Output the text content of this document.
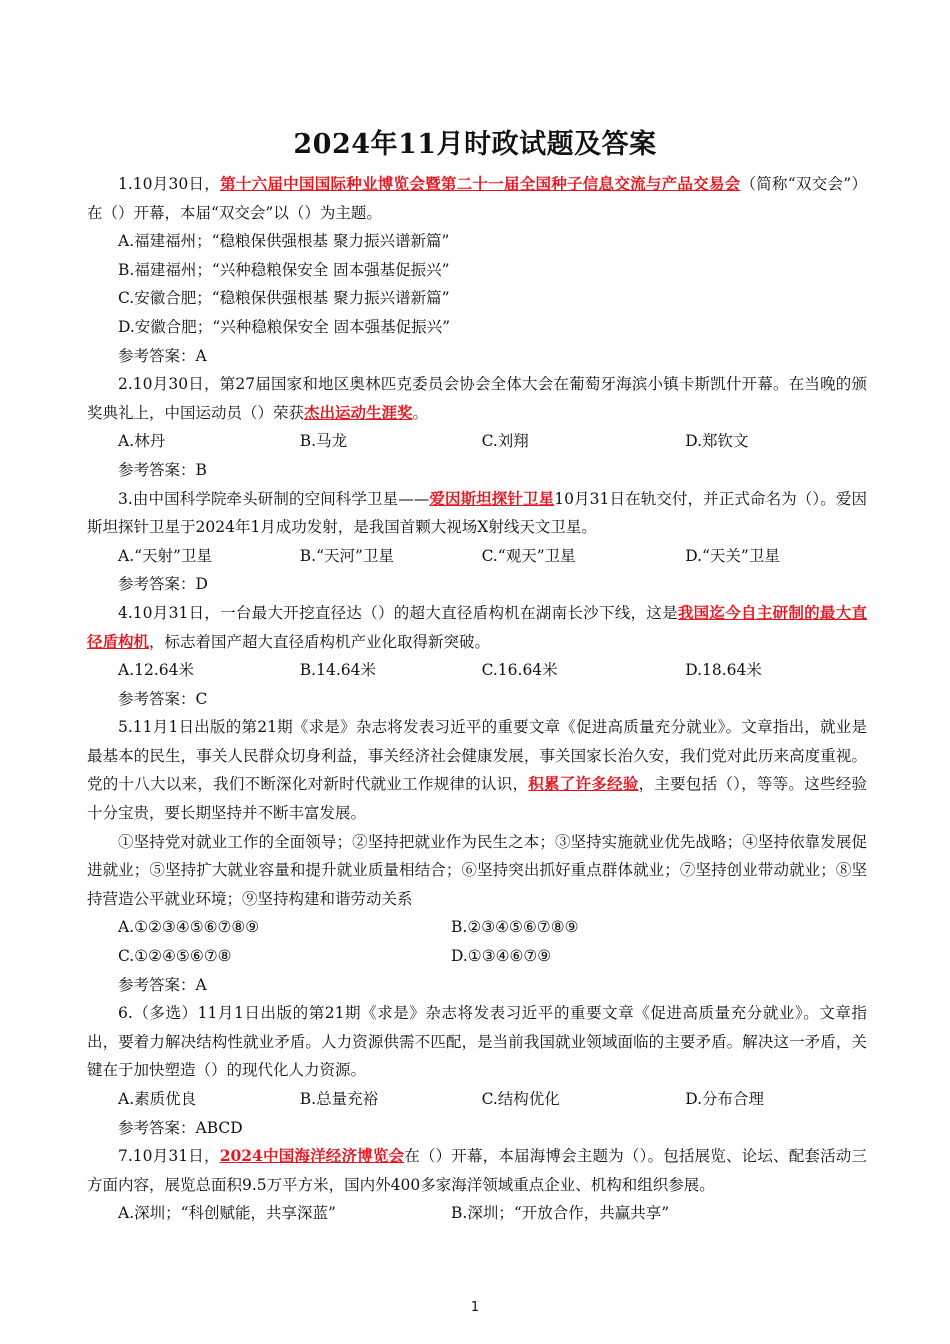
2024年11月时政试题及答案
1.10月30日，第十六届中国国际种业博览会暨第二十一届全国种子信息交流与产品交易会（简称“双交会”）在（）开幕，本届“双交会”以（）为主题。
A.福建福州；“稳粮保供强根基 聚力振兴谱新篇”
B.福建福州；“兴种稳粮保安全 固本强基促振兴”
C.安徽合肥；“稳粮保供强根基 聚力振兴谱新篇”
D.安徽合肥；“兴种稳粮保安全 固本强基促振兴”
参考答案：A
2.10月30日，第27届国家和地区奥林匹克委员会协会全体大会在葡萄牙海滨小镇卡斯凯什开幕。在当晚的颁奖典礼上，中国运动员（）荣获杰出运动生涯奖。
A.林丹	B.马龙	C.刘翔	D.郑钦文
参考答案：B
3.由中国科学院牵头研制的空间科学卫星——爱因斯坦探针卫星10月31日在轨交付，并正式命名为（）。爱因斯坦探针卫星于2024年1月成功发射，是我国首颗大视场X射线天文卫星。
A.“天射”卫星	B.“天河”卫星	C.“观天”卫星	D.“天关”卫星
参考答案：D
4.10月31日，一台最大开挖直径达（）的超大直径盾构机在湖南长沙下线，这是我国迄今自主研制的最大直径盾构机，标志着国产超大直径盾构机产业化取得新突破。
A.12.64米	B.14.64米	C.16.64米	D.18.64米
参考答案：C
5.11月1日出版的第21期《求是》杂志将发表习近平的重要文章《促进高质量充分就业》。文章指出，就业是最基本的民生，事关人民群众切身利益，事关经济社会健康发展，事关国家长治久安，我们党对此历来高度重视。党的十八大以来，我们不断深化对新时代就业工作规律的认识，积累了许多经验，主要包括（），等等。这些经验十分宝贵，要长期坚持并不断丰富发展。
①坚持党对就业工作的全面领导；②坚持把就业作为民生之本；③坚持实施就业优先战略；④坚持依靠发展促进就业；⑤坚持扩大就业容量和提升就业质量相结合；⑥坚持突出抓好重点群体就业；⑦坚持创业带动就业；⑧坚持营造公平就业环境；⑨坚持构建和谐劳动关系
A.①②③④⑤⑥⑦⑧⑨	B.②③④⑤⑥⑦⑧⑨
C.①②④⑤⑥⑦⑧	D.①③④⑥⑦⑨
参考答案：A
6.（多选）11月1日出版的第21期《求是》杂志将发表习近平的重要文章《促进高质量充分就业》。文章指出，要着力解决结构性就业矛盾。人力资源供需不匹配，是当前我国就业领域面临的主要矛盾。解决这一矛盾，关键在于加快塑造（）的现代化人力资源。
A.素质优良	B.总量充裕	C.结构优化	D.分布合理
参考答案：ABCD
7.10月31日，2024中国海洋经济博览会在（）开幕，本届海博会主题为（）。包括展览、论坛、配套活动三方面内容，展览总面积9.5万平方米，国内外400多家海洋领域重点企业、机构和组织参展。
A.深圳；“科创赋能，共享深蓝”	B.深圳；“开放合作，共赢共享”
1
